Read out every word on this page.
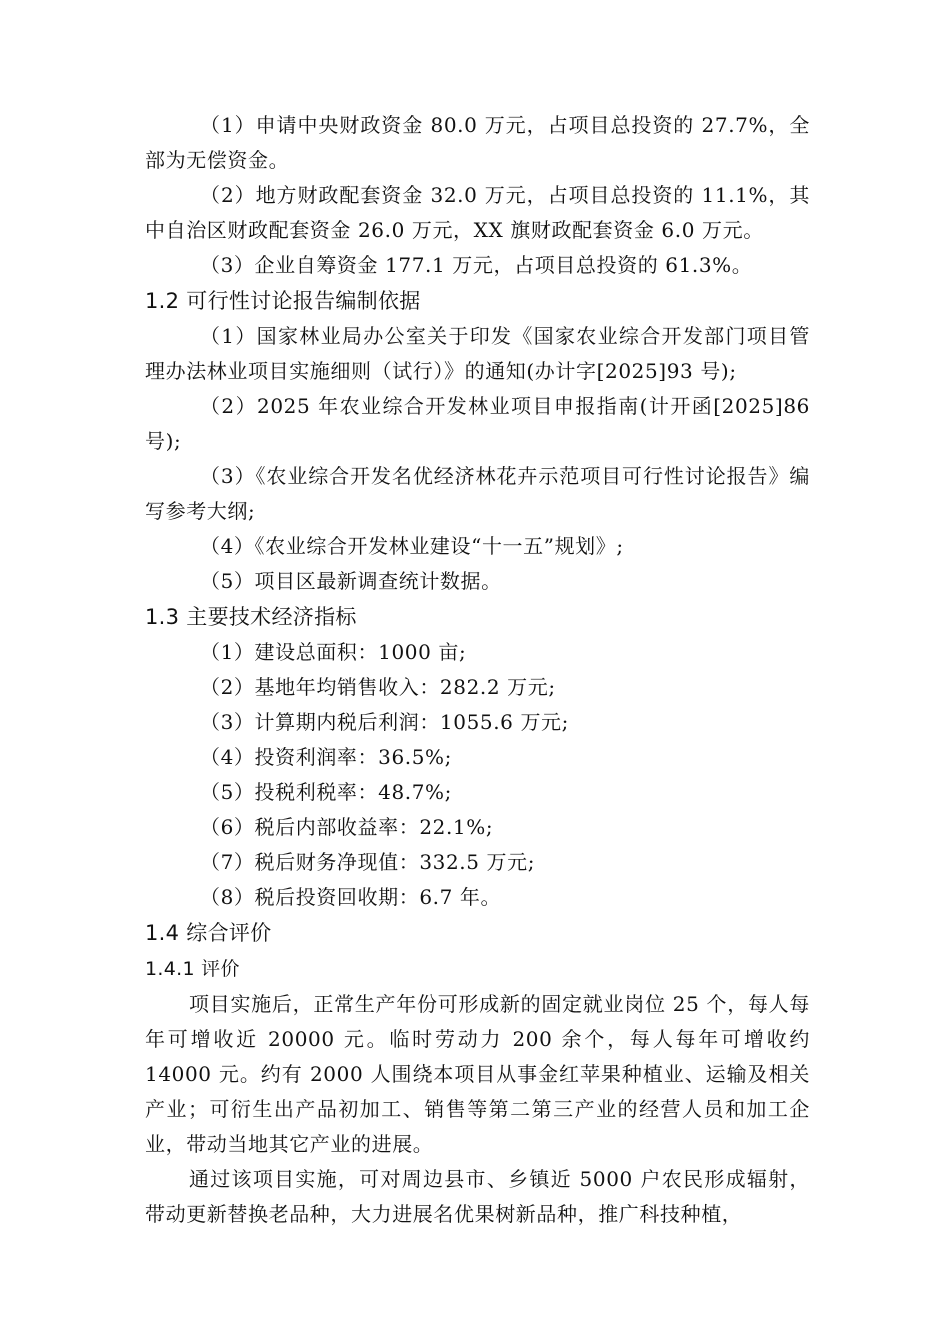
（1）申请中央财政资金 80.0 万元，占项目总投资的 27.7%，全部为无偿资金。

（2）地方财政配套资金 32.0 万元，占项目总投资的 11.1%，其中自治区财政配套资金 26.0 万元，XX 旗财政配套资金 6.0 万元。

（3）企业自筹资金 177.1 万元，占项目总投资的 61.3%。

1.2 可行性讨论报告编制依据

（1）国家林业局办公室关于印发《国家农业综合开发部门项目管理办法林业项目实施细则（试行）》的通知(办计字[2025]93 号);

（2）2025 年农业综合开发林业项目申报指南(计开函[2025]86 号);

（3）《农业综合开发名优经济林花卉示范项目可行性讨论报告》编写参考大纲;

（4）《农业综合开发林业建设“十一五”规划》;

（5）项目区最新调查统计数据。

1.3 主要技术经济指标

（1）建设总面积：1000 亩;

（2）基地年均销售收入：282.2 万元;

（3）计算期内税后利润：1055.6 万元;

（4）投资利润率：36.5%;

（5）投税利税率：48.7%;

（6）税后内部收益率：22.1%;

（7）税后财务净现值：332.5 万元;

（8）税后投资回收期：6.7 年。

1.4 综合评价
1.4.1 评价

项目实施后，正常生产年份可形成新的固定就业岗位 25 个，每人每年可增收近 20000 元。临时劳动力 200 余个，每人每年可增收约 14000 元。约有 2000 人围绕本项目从事金红苹果种植业、运输及相关产业；可衍生出产品初加工、销售等第二第三产业的经营人员和加工企业，带动当地其它产业的进展。

通过该项目实施，可对周边县市、乡镇近 5000 户农民形成辐射，带动更新替换老品种，大力进展名优果树新品种，推广科技种植，
